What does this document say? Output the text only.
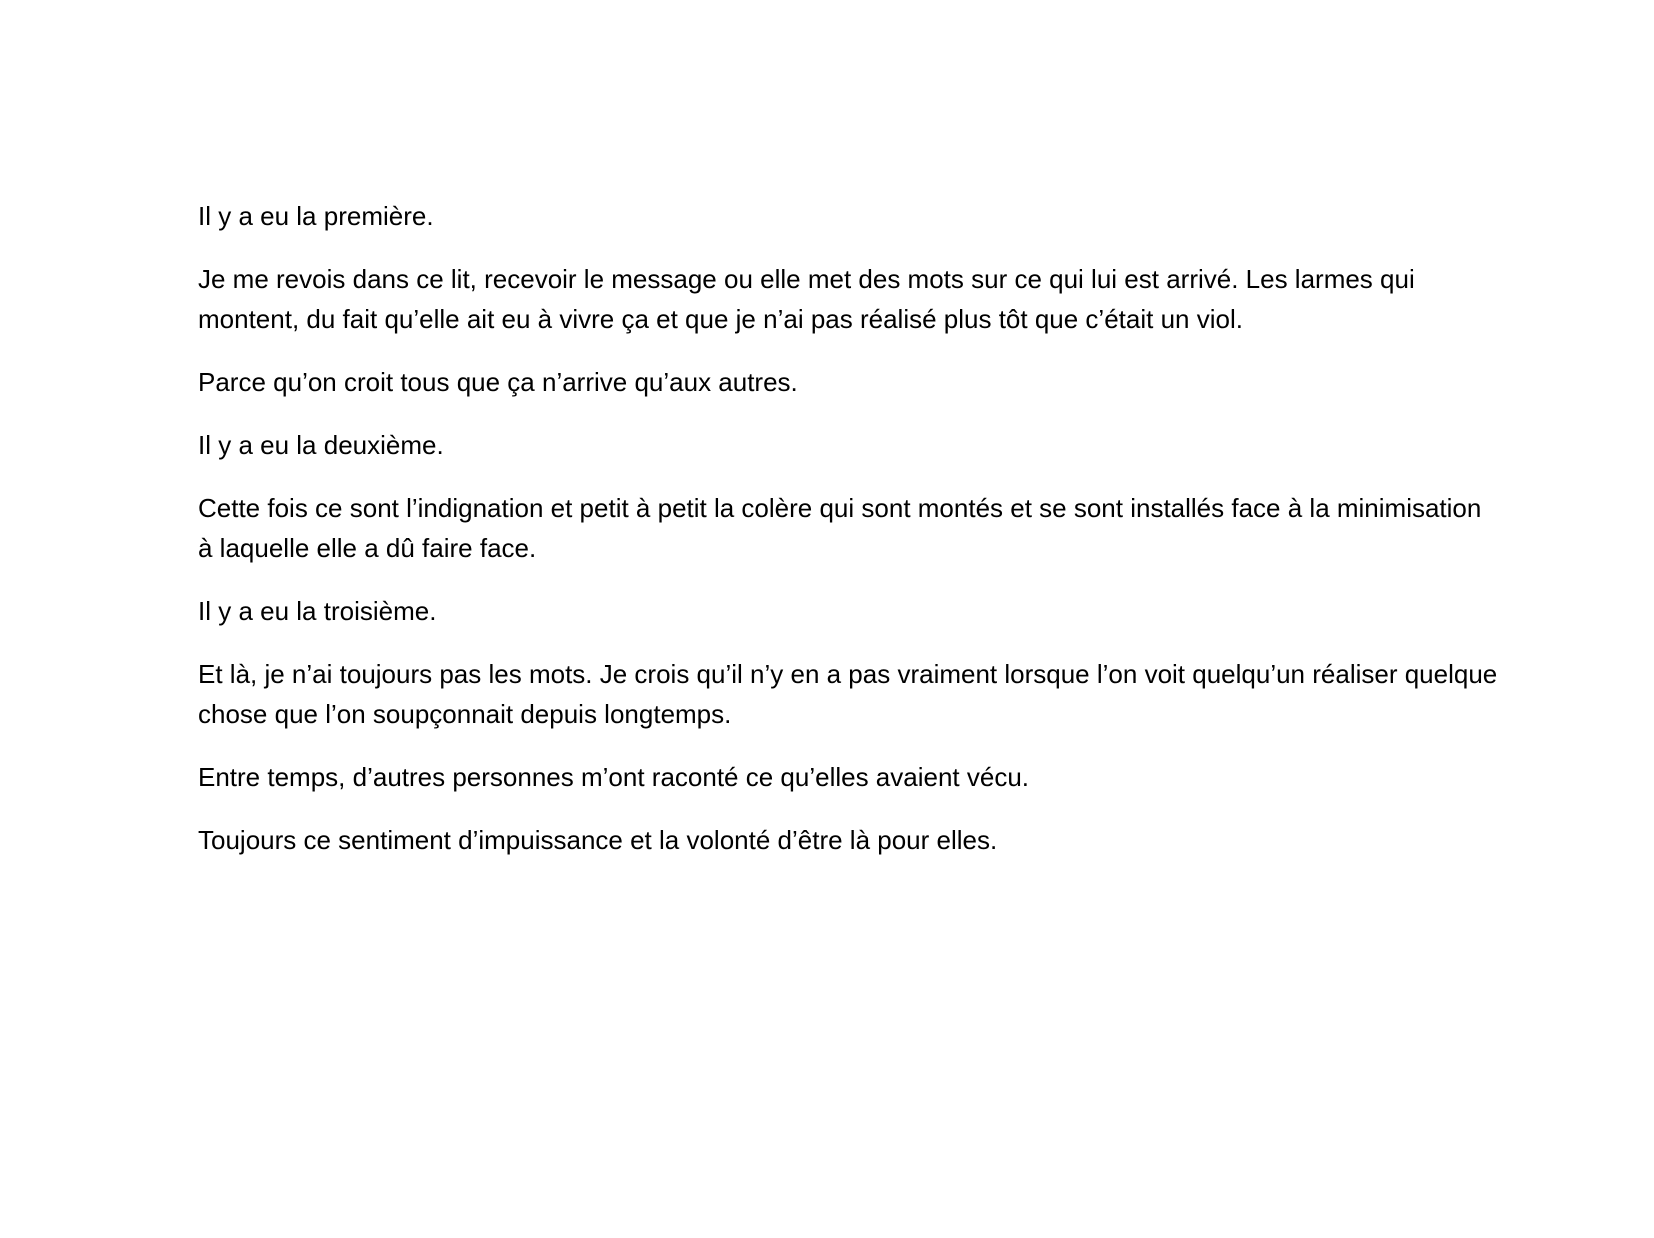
Il y a eu la première.

Je me revois dans ce lit, recevoir le message ou elle met des mots sur ce qui lui est arrivé. Les larmes qui montent, du fait qu’elle ait eu à vivre ça et que je n’ai pas réalisé plus tôt que c’était un viol.

Parce qu’on croit tous que ça n’arrive qu’aux autres.

Il y a eu la deuxième.

Cette fois ce sont l’indignation et petit à petit la colère qui sont montés et se sont installés face à la minimisation à laquelle elle a dû faire face.

Il y a eu la troisième.

Et là, je n’ai toujours pas les mots. Je crois qu’il n’y en a pas vraiment lorsque l’on voit quelqu’un réaliser quelque chose que l’on soupçonnait depuis longtemps.

Entre temps, d’autres personnes m’ont raconté ce qu’elles avaient vécu.

Toujours ce sentiment d’impuissance et la volonté d’être là pour elles.
